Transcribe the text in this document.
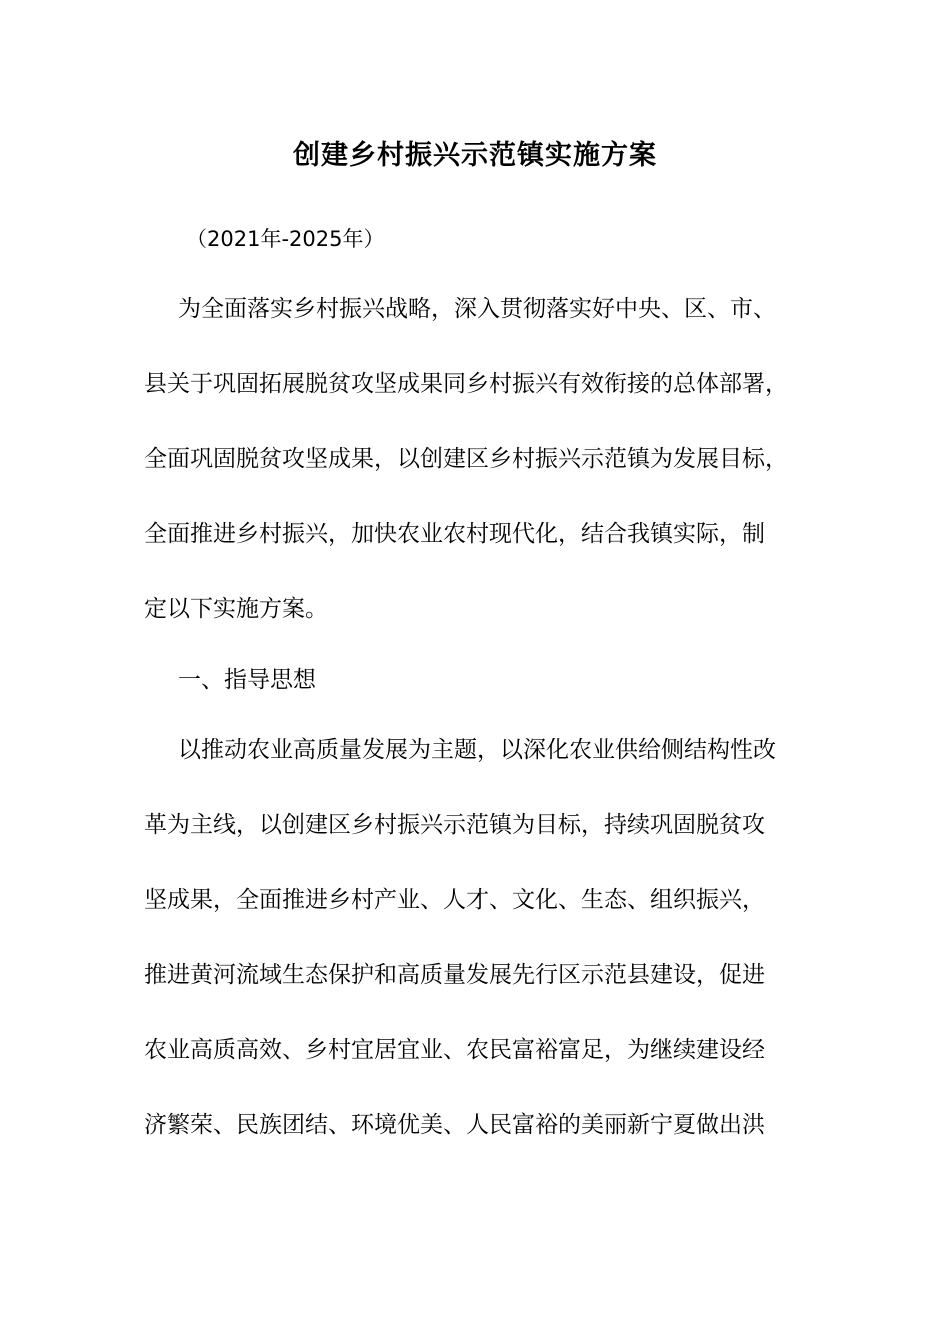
创建乡村振兴示范镇实施方案
（2021年-2025年）
为全面落实乡村振兴战略，深入贯彻落实好中央、区、市、
县关于巩固拓展脱贫攻坚成果同乡村振兴有效衔接的总体部署，
全面巩固脱贫攻坚成果，以创建区乡村振兴示范镇为发展目标，
全面推进乡村振兴，加快农业农村现代化，结合我镇实际，制
定以下实施方案。
一、指导思想
以推动农业高质量发展为主题，以深化农业供给侧结构性改
革为主线，以创建区乡村振兴示范镇为目标，持续巩固脱贫攻
坚成果，全面推进乡村产业、人才、文化、生态、组织振兴，
推进黄河流域生态保护和高质量发展先行区示范县建设，促进
农业高质高效、乡村宜居宜业、农民富裕富足，为继续建设经
济繁荣、民族团结、环境优美、人民富裕的美丽新宁夏做出洪
